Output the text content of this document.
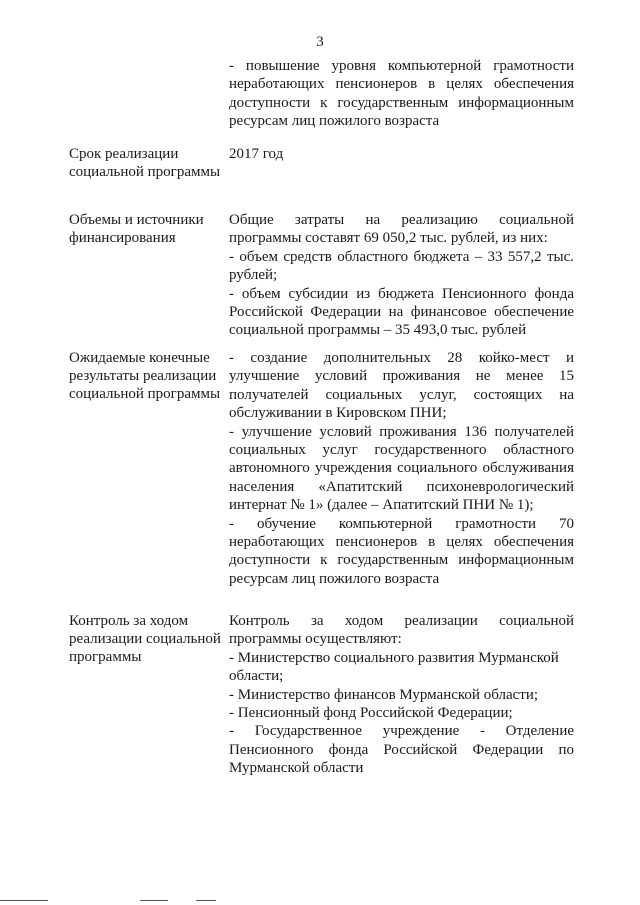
3

- повышение уровня компьютерной грамотности неработающих пенсионеров в целях обеспечения доступности к государственным информационным ресурсам лиц пожилого возраста

Срок реализации социальной программы

2017 год

Объемы и источники финансирования

Общие затраты на реализацию социальной программы составят 69 050,2 тыс. рублей, из них:

- объем средств областного бюджета – 33 557,2 тыс. рублей;

- объем субсидии из бюджета Пенсионного фонда Российской Федерации на финансовое обеспечение социальной программы – 35 493,0 тыс. рублей

Ожидаемые конечные результаты реализации социальной программы

- создание дополнительных 28 койко-мест и улучшение условий проживания не менее 15 получателей социальных услуг, состоящих на обслуживании в Кировском ПНИ;

- улучшение условий проживания 136 получателей социальных услуг государственного областного автономного учреждения социального обслуживания населения «Апатитский психоневрологический интернат № 1» (далее – Апатитский ПНИ № 1);

- обучение компьютерной грамотности 70 неработающих пенсионеров в целях обеспечения доступности к государственным информационным ресурсам лиц пожилого возраста

Контроль за ходом реализации социальной программы

Контроль за ходом реализации социальной программы осуществляют:

- Министерство социального развития Мурманской области;

- Министерство финансов Мурманской области;

- Пенсионный фонд Российской Федерации;

- Государственное учреждение - Отделение Пенсионного фонда Российской Федерации по Мурманской области
